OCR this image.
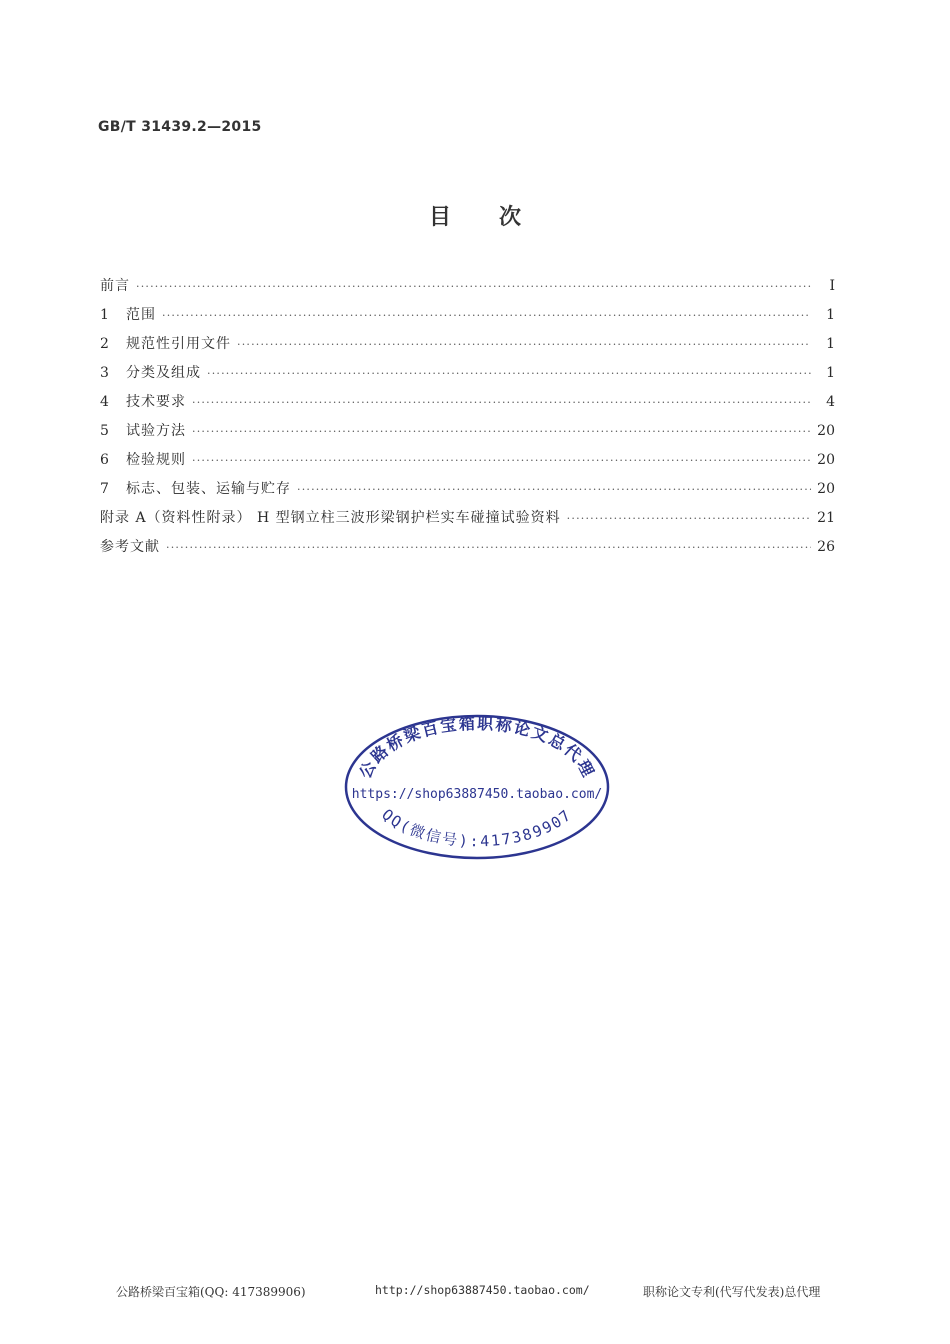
GB/T 31439.2—2015
目次
前言 ·····	Ⅰ
1	范围 ·····	1
2	规范性引用文件 ·····	1
3	分类及组成 ·····	1
4	技术要求 ·····	4
5	试验方法 ·····	20
6	检验规则 ·····	20
7	标志、包装、运输与贮存 ·····	20
附录 A（资料性附录） H 型钢立柱三波形梁钢护栏实车碰撞试验资料 ·····	21
参考文献 ·····	26
公路桥梁百宝箱职称论文总代理
QQ(微信号):417389907
https://shop63887450.taobao.com/
公路桥梁百宝箱(QQ: 417389906)	http://shop63887450.taobao.com/	职称论文专利(代写代发表)总代理
